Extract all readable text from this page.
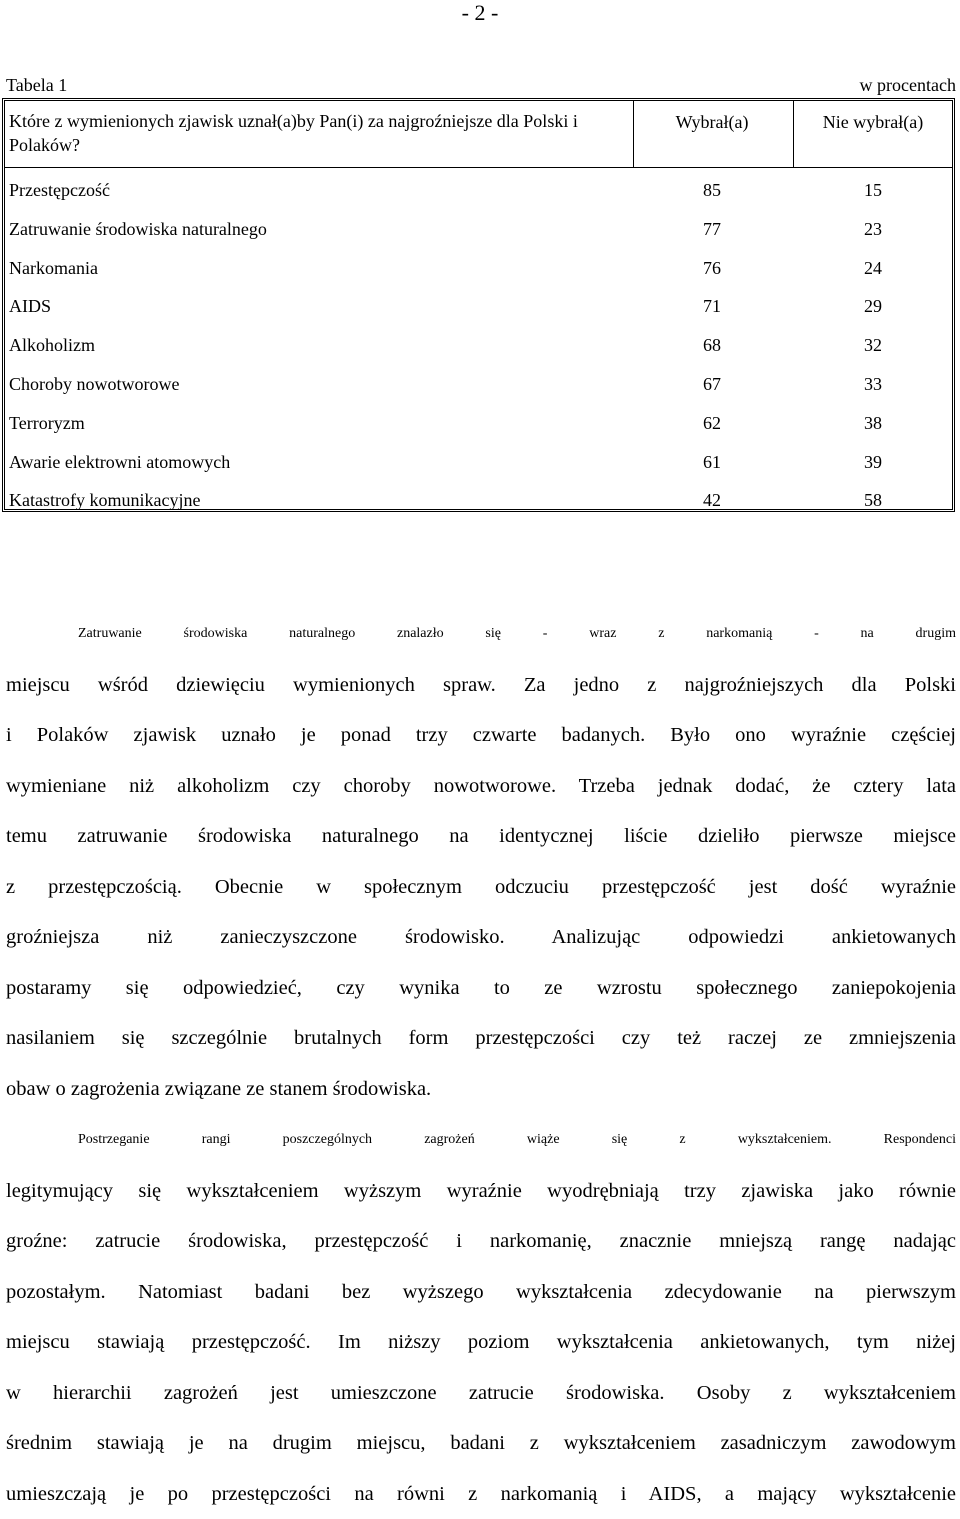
- 2 -
Tabela 1	w procentach
Które z wymienionych zjawisk uznał(a)by Pan(i) za najgroźniejsze dla Polski i Polaków?
Wybrał(a)	Nie wybrał(a)
Przestępczość	85	15
Zatruwanie środowiska naturalnego	77	23
Narkomania	76	24
AIDS	71	29
Alkoholizm	68	32
Choroby nowotworowe	67	33
Terroryzm	62	38
Awarie elektrowni atomowych	61	39
Katastrofy komunikacyjne	42	58
Zatruwanie środowiska naturalnego znalazło się - wraz z narkomanią - na drugim
miejscu wśród dziewięciu wymienionych spraw. Za jedno z najgroźniejszych dla Polski
i Polaków zjawisk uznało je ponad trzy czwarte badanych. Było ono wyraźnie częściej
wymieniane niż alkoholizm czy choroby nowotworowe. Trzeba jednak dodać, że cztery lata
temu zatruwanie środowiska naturalnego na identycznej liście dzieliło pierwsze miejsce
z przestępczością. Obecnie w społecznym odczuciu przestępczość jest dość wyraźnie
groźniejsza niż zanieczyszczone środowisko. Analizując odpowiedzi ankietowanych
postaramy się odpowiedzieć, czy wynika to ze wzrostu społecznego zaniepokojenia
nasilaniem się szczególnie brutalnych form przestępczości czy też raczej ze zmniejszenia
obaw o zagrożenia związane ze stanem środowiska.
Postrzeganie rangi poszczególnych zagrożeń wiąże się z wykształceniem. Respondenci
legitymujący się wykształceniem wyższym wyraźnie wyodrębniają trzy zjawiska jako równie
groźne: zatrucie środowiska, przestępczość i narkomanię, znacznie mniejszą rangę nadając
pozostałym. Natomiast badani bez wyższego wykształcenia zdecydowanie na pierwszym
miejscu stawiają przestępczość. Im niższy poziom wykształcenia ankietowanych, tym niżej
w hierarchii zagrożeń jest umieszczone zatrucie środowiska. Osoby z wykształceniem
średnim stawiają je na drugim miejscu, badani z wykształceniem zasadniczym zawodowym
umieszczają je po przestępczości na równi z narkomanią i AIDS, a mający wykształcenie
